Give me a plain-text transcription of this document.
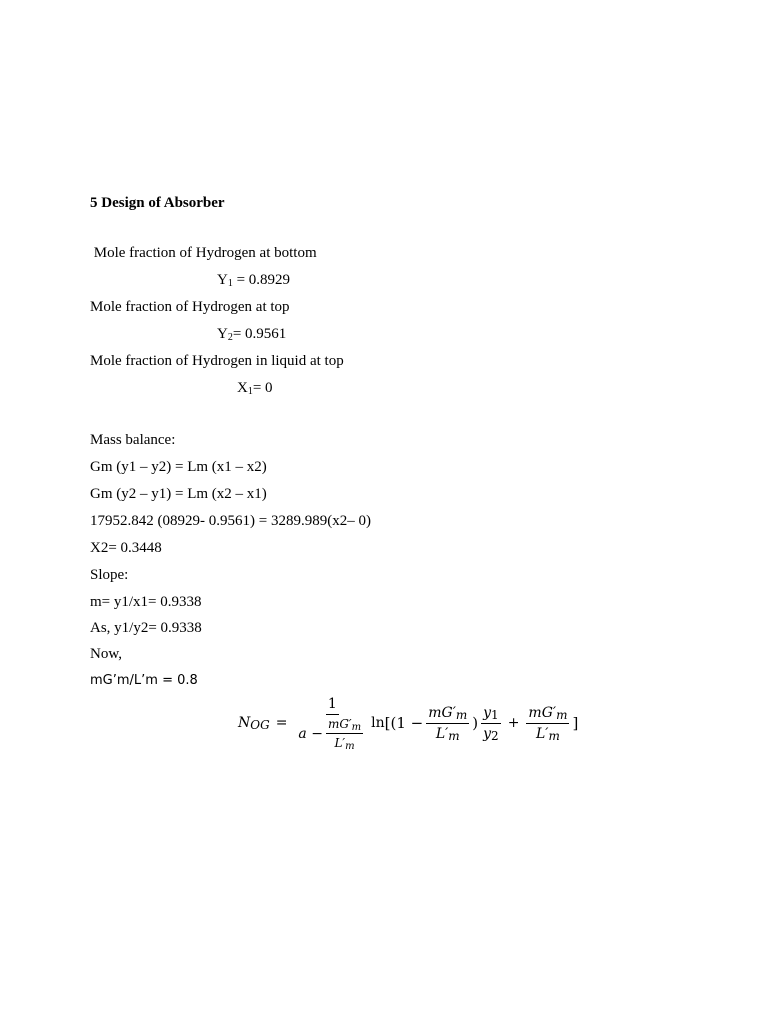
5 Design of Absorber
Mole fraction of Hydrogen at bottom
$Y_1 = 0.8929$
Mole fraction of Hydrogen at top
$Y_2= 0.9561$
Mole fraction of Hydrogen in liquid at top
$X_1= 0$
Mass balance:
Gm (y1 – y2) = Lm (x1 – x2)
Gm (y2 – y1) = Lm (x2 – x1)
17952.842 (08929- 0.9561) = 3289.989(x2– 0)
X2= 0.3448
Slope:
m= y1/x1= 0.9338
As, y1/y2= 0.9338
Now,
mG’m/L’m = 0.8
$N_{OG} = \frac{1}{a - \frac{mG'_m}{L'_m}}$ $\ln [(1 - \frac{mG'_m}{L'_m}$ ) $\frac{y_1}{y_2} + \frac{mG'_m}{L'_m}$ ]
